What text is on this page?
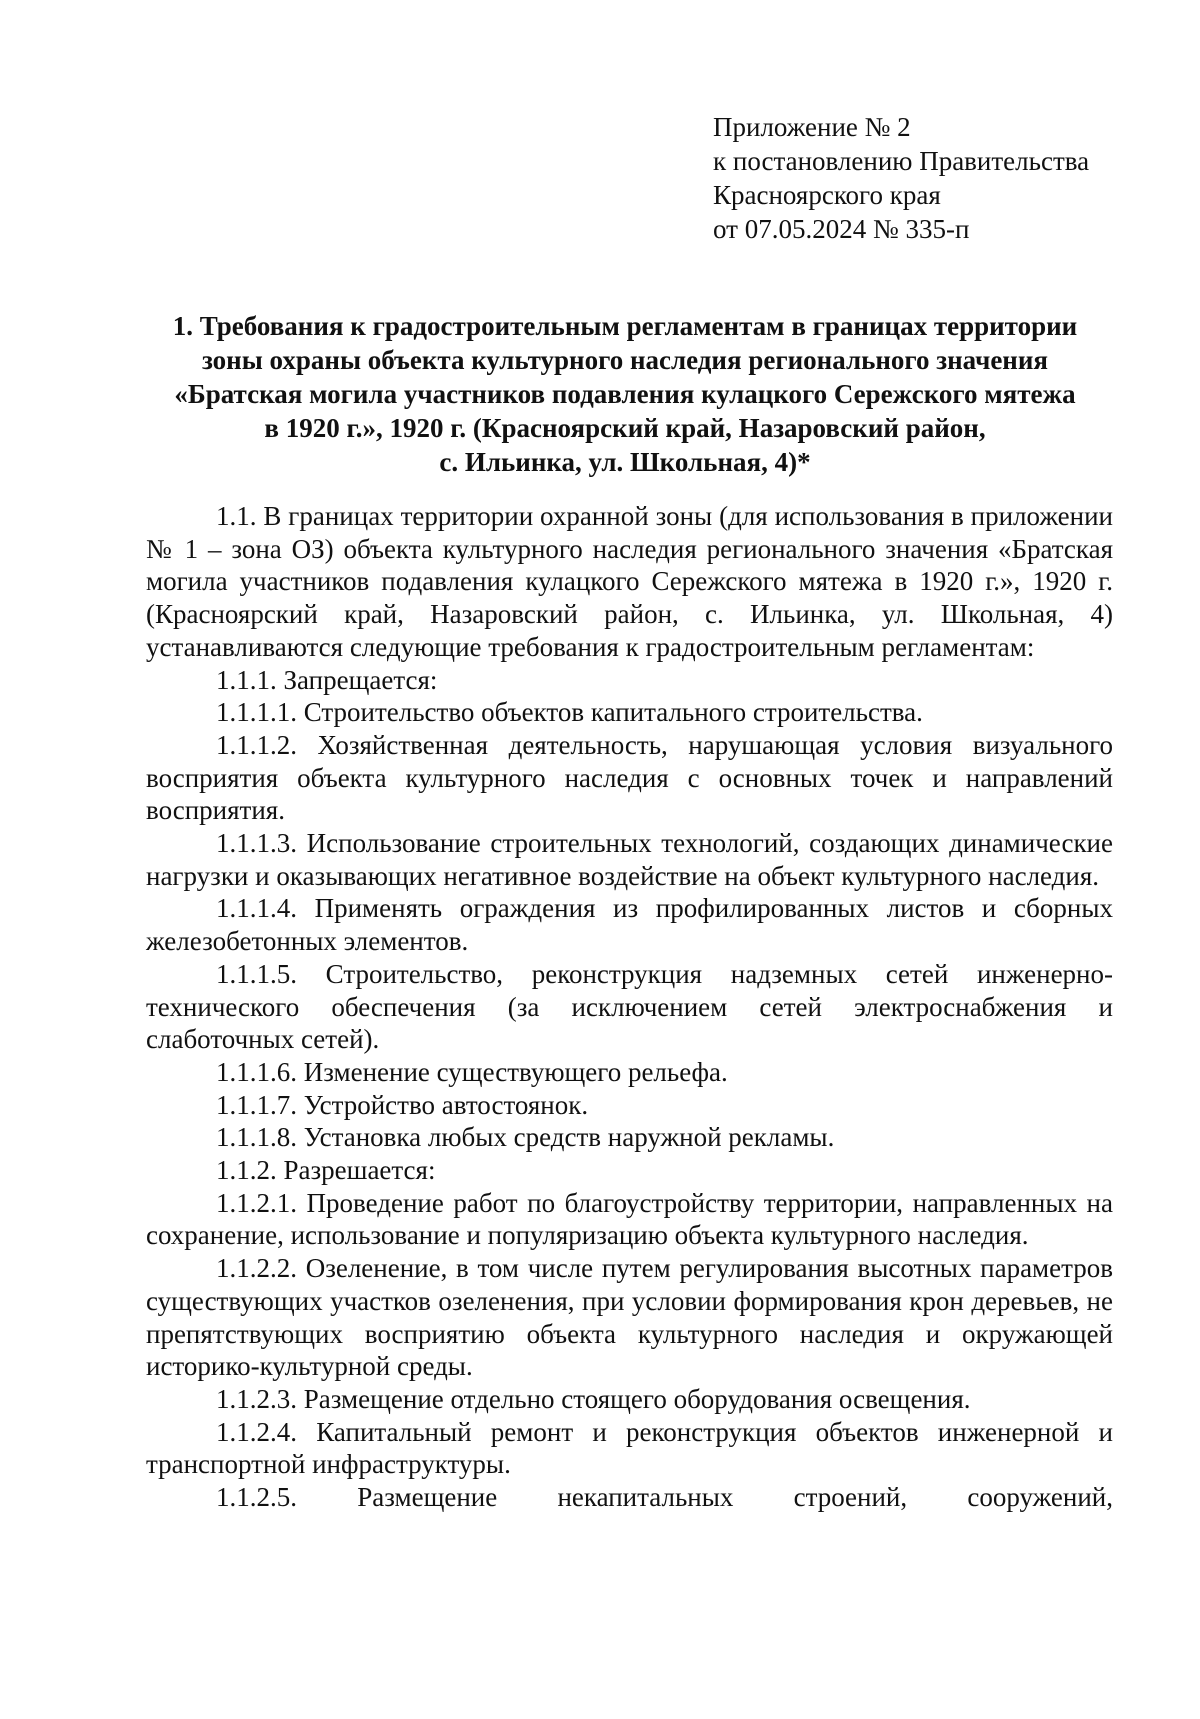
Приложение № 2
к постановлению Правительства
Красноярского края
от 07.05.2024 № 335-п
1. Требования к градостроительным регламентам в границах территории
зоны охраны объекта культурного наследия регионального значения
«Братская могила участников подавления кулацкого Сережского мятежа
в 1920 г.», 1920 г. (Красноярский край, Назаровский район,
с. Ильинка, ул. Школьная, 4)*

1.1. В границах территории охранной зоны (для использования в приложении № 1 – зона ОЗ) объекта культурного наследия регионального значения «Братская могила участников подавления кулацкого Сережского мятежа в 1920 г.», 1920 г. (Красноярский край, Назаровский район, с. Ильинка, ул. Школьная, 4) устанавливаются следующие требования к градостроительным регламентам:

1.1.1. Запрещается:

1.1.1.1. Строительство объектов капитального строительства.

1.1.1.2. Хозяйственная деятельность, нарушающая условия визуального восприятия объекта культурного наследия с основных точек и направлений восприятия.

1.1.1.3. Использование строительных технологий, создающих динамические нагрузки и оказывающих негативное воздействие на объект культурного наследия.

1.1.1.4. Применять ограждения из профилированных листов и сборных железобетонных элементов.

1.1.1.5. Строительство, реконструкция надземных сетей инженерно-технического обеспечения (за исключением сетей электроснабжения и слаботочных сетей).

1.1.1.6. Изменение существующего рельефа.

1.1.1.7. Устройство автостоянок.

1.1.1.8. Установка любых средств наружной рекламы.

1.1.2. Разрешается:

1.1.2.1. Проведение работ по благоустройству территории, направленных на сохранение, использование и популяризацию объекта культурного наследия.

1.1.2.2. Озеленение, в том числе путем регулирования высотных параметров существующих участков озеленения, при условии формирования крон деревьев, не препятствующих восприятию объекта культурного наследия и окружающей историко-культурной среды.

1.1.2.3. Размещение отдельно стоящего оборудования освещения.

1.1.2.4. Капитальный ремонт и реконструкция объектов инженерной и транспортной инфраструктуры.

1.1.2.5. Размещение некапитальных строений, сооружений,
